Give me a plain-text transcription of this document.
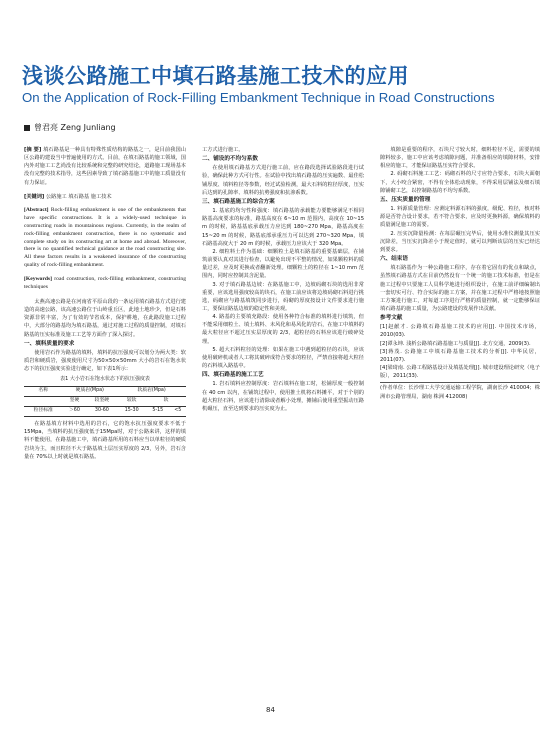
浅谈公路施工中填石路基施工技术的应用
On the Application of Rock-Filling Embankment Technique in Road Constructions
曾君亮 Zeng Junliang

[摘 要] 填石路基是一种具有特殊性质结构的路基之一，是目前我国山区公路的建设当中普遍使用的方式。目前，在填石路基的施工领域，国内外对施工工艺尚没有比较系统和完整的研究结论，道路施工现场基本没有完整的技术指导，这些因素导致了填石路基施工中的施工质量没有有力保证。

[关键词] 公路施工 填石路基 施工技术

[Abstract] Rock-filling embankment is one of the embankments that have specific constructions. It is a widely-used technique in constructing roads in mountainous regions. Currently, in the realm of rock-filling embankment construction, there is no systematic and complete study on its constructing art at home and abroad. Moreover, there is no quantified technical guidance at the road constructing site. All these factors results in a weakened insurance of the constructing quality of rock-filling embankment.
[Keywords] road construction, rock-filling embankment, constructing techniques

太燕高速公路是在河南省平原山段的一条运用填石路基方式进行建造的高速公路，该高速公路位于山岭重丘区，此地土地珍少，但是石料资源非常丰富，为了有效的节省成本，保护耕地，在此路段施工过程中，大部分的路基均为填石路基，通过对施工过程的质量控制，对填石路基的压实标准及施工工艺等方面作了深入探讨。

一、填料质量的要求

使用岩石作为路基的填料，填料的抗压强度可以划分为两大类：软质岩和硬质岩，强度使用尺寸为50×50×50mm 大小的岩石在饱水状态下的抗压强度实验进行确定，如下表1所示：

表1 大小岩石在饱水状态下的抗压强度表
名称	硬质岩(Mpa)		软质岩(Mpa)		
	坚硬	较坚硬	较软	软	
粒径标准	＞60	30-60	15-30	5-15	<5

在路基填方材料中选用的岩石，它的饱水抗压强度要求不低于15Mpa，当填料的抗压强度低于15Mpa时，对于公路来讲，这样的填料不能使用，在路基施工中，填石路基所用的石料应当以单粒径的硬质岩块为主，而且粒径不大于路基填土层压实厚度的 2/3，另外，岩石含量在 70%以上时就是填石路基。

工方式进行施工。

二、铺设的不均匀系数

在使用填石路基方式进行施工前，应在路段选择试验路段进行试验，确保此种方式可行性。在试验中找出填石路基的压实遍数、最佳松铺厚度、填料粒径等参数，经过试验检测，最大石料的粒径厚度，压实后达到的孔隙率、填料的抗剪强度和抗渗系数。

三、填石路基施工的综合方案

1. 基底的均匀性和强度：填石路基的承载能力要能够满足不相同路基高度要求的标准，路基高度在 6~10 m 范围内，高度在 10~15 m 的时候，路基基底承载压力应达到 180~270 Mpa，路基高度在 15~20 m 的时候，路基底部承重压力可以达到 270~320 Mpa，填石路基高度大于 20 m 的时候，承载压力应该大于 320 Mpa。

2. 细粒料土作为基础：细颗粒土是填石路基的重要基础层，在铺筑前要认真对其进行检查，以避免出现不平整的情况，如果颗粒料的质量过差，应及时更换或者翻新处理。细颗粒土的粒径在 1~10 mm 范围内，同时应控制其含泥量。

3. 对于填石路基边坡：在路基施工中，边坡码砌石块的选用非常重要，应该选用强度较高的块石，在施工前应该将边坡码砌石料进行挑选，码砌应与路基填筑同步进行，码砌的厚度按设计文件要求进行施工，要保证路基边坡的稳定性和美观。

4. 路基的主要填充路段：使用各种符合标准的填料进行填筑，但不能采用细粒土、填土填料、未风化和易风化的岩石，在施工中填料的最大粒径应不超过压实层厚度的 2/3，超粒径的石料应该进行破碎处理。

5. 超大石料粒径的处理：如果在施工中遇到超粒径的石块，应该使用破碎机或者人工将其破碎成符合要求的粒径，严禁直接将超大粒径的石料填入路基中。

四、填石路基的施工工艺

1. 岩石填料应控制厚度：岩石填料在施工时，松铺厚度一般控制在 40 cm 以内，在铺筑过程中，使用推土机将石料摊平，对于个别的超大粒径石料，应该进行清除或者解小处理，摊铺后使用重型振动压路机碾压，直至达到要求的压实度为止。

填隙是重要的程序，石块尺寸较大时，细料粒径不足，需要的填隙料较多，施工中应该考虑填隙问题，并准备相应的填隙材料，安排相应的施工，才能保证路基压实符合要求。

2. 码砌石料施工工艺：码砌石料的尺寸应符合要求，石块大面朝下，大小咬合紧密，不得有全体松动现象，不得采用层铺法及细石填隙铺砌工艺，以控制路基的不均匀系数。

五、压实质量的管理

1. 料源质量管理：应测定料源石料的强度，级配、粒径，核对料源是否符合设计要求，若不符合要求，应及时更换料源，确保填料的质量满足施工的需要。

2. 压实沉降量检测：在每层碾压完毕后，使用水准仪测量其压实沉降差，当压实沉降差小于规定值时，就可以判断该层的压实已经达到要求。

六、结束语

填石路基作为一种公路施工程序，存在着它固有的优点和缺点，虽然填石路基方式在目前仍然没有一个统一的施工技术标准，但是在施工过程中只要施工人员科学地进行组织设计，在施工前详细编制出一套切实可行、符合实际的施工方案，并在施工过程中严格地按照施工方案进行施工，对每道工序进行严格的质量控制，就一定能够保证填石路基的施工质量，为公路建设的发展作出贡献。

参考文献

[1]赵献才. 公路填石路基施工技术的应用[J]. 中国技术市场，2010(03).

[2]谭永坤. 浅析公路填石路基施工与质量[J]. 北方交通，2009(3).

[3]蒋茂. 公路施工中填石路基施工技术的分析[J]. 中华民居，2011(07).

[4]梁琦南. 公路工程路基设计及填基处理[J]. 城市建设理论研究（电子版），2011(33).

(作者单位：长沙理工大学交通运输工程学院，湖南长沙 410004；株洲市公路管理局，湖南 株洲 412008)

84
